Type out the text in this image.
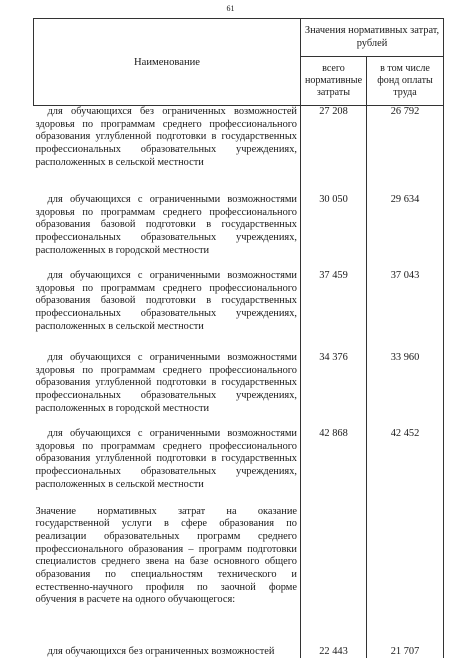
61
Наименование	Значения нормативных затрат, рублей	
	всего нормативные затраты	в том числе фонд оплаты труда
для обучающихся без ограниченных возможностей здоровья по программам среднего профессионального образования углубленной подготовки в государственных профессиональных образовательных учреждениях, расположенных в сельской местности	27 208	26 792
для обучающихся с ограниченными возможностями здоровья по программам среднего профессионального образования базовой подготовки в государственных профессиональных образовательных учреждениях, расположенных в городской местности	30 050	29 634
для обучающихся с ограниченными возможностями здоровья по программам среднего профессионального образования базовой подготовки в государственных профессиональных образовательных учреждениях, расположенных в сельской местности	37 459	37 043
для обучающихся с ограниченными возможностями здоровья по программам среднего профессионального образования углубленной подготовки в государственных профессиональных образовательных учреждениях, расположенных в городской местности	34 376	33 960
для обучающихся с ограниченными возможностями здоровья по программам среднего профессионального образования углубленной подготовки в государственных профессиональных образовательных учреждениях, расположенных в сельской местности	42 868	42 452
Значение нормативных затрат на оказание государственной услуги в сфере образования по реализации образовательных программ среднего профессионального образования – программ подготовки специалистов среднего звена на базе основного общего образования по специальностям технического и естественно-научного профиля по заочной форме обучения в расчете на одного обучающегося:		
для обучающихся без ограниченных возможностей	22 443	21 707
